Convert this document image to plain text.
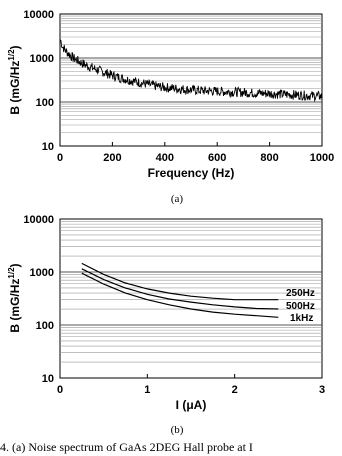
10
100
1000
10000
0	200	400	600	800	1000
Frequency (Hz)
B $(mG/Hz^{1/2})$
(a)
10
100
1000
10000
0	1	2	3
250Hz
500Hz
1kHz
I (μA)
B $(mG/Hz^{1/2})$
(b)
4. (a) Noise spectrum of GaAs 2DEG Hall probe at I
